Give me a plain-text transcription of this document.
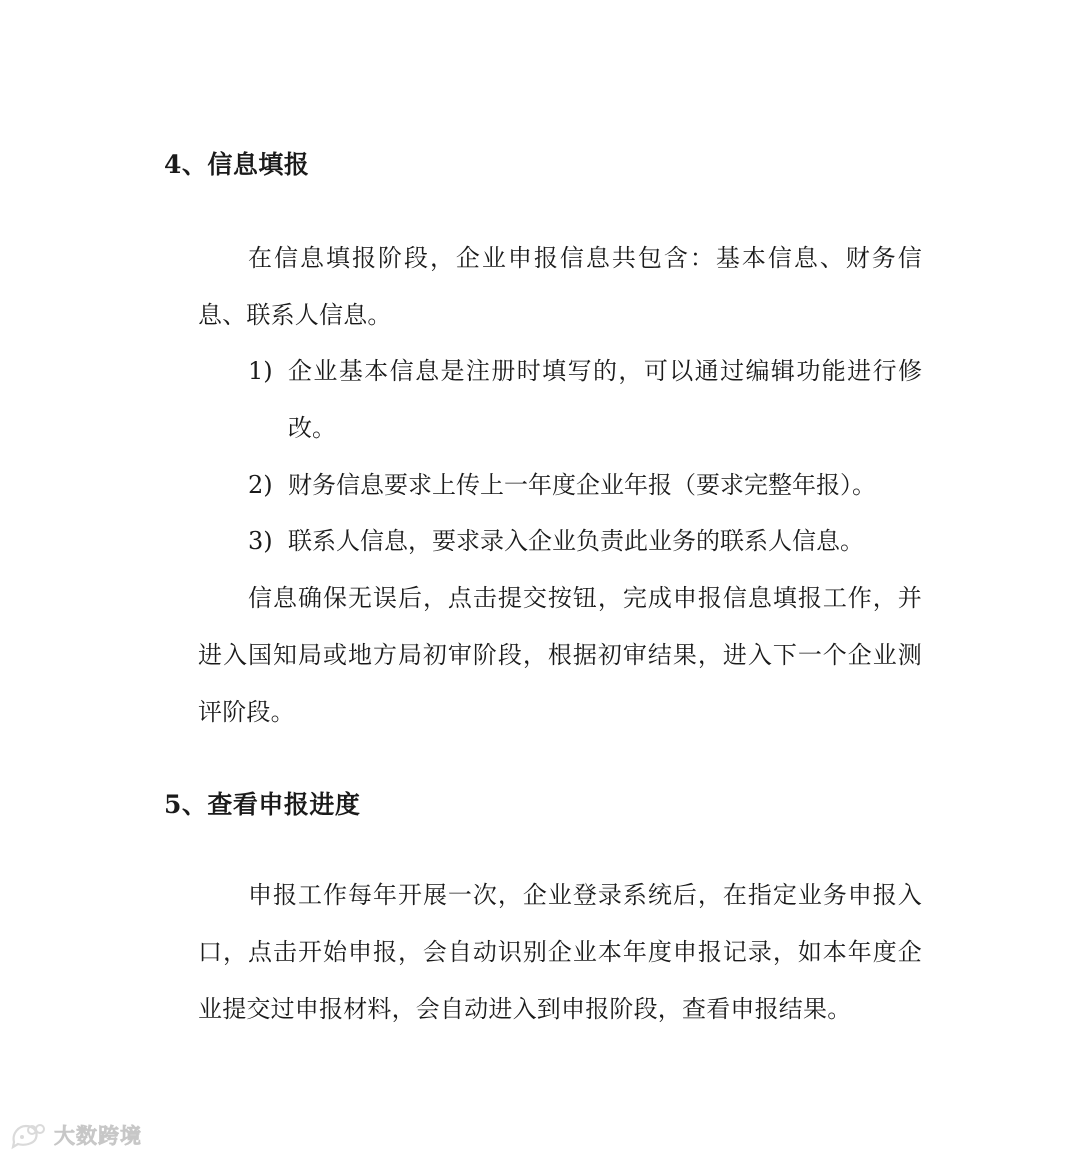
4、信息填报

在信息填报阶段，企业申报信息共包含：基本信息、财务信息、联系人信息。

1) 企业基本信息是注册时填写的，可以通过编辑功能进行修改。
2) 财务信息要求上传上一年度企业年报（要求完整年报）。
3) 联系人信息，要求录入企业负责此业务的联系人信息。

信息确保无误后，点击提交按钮，完成申报信息填报工作，并进入国知局或地方局初审阶段，根据初审结果，进入下一个企业测评阶段。

5、查看申报进度

申报工作每年开展一次，企业登录系统后，在指定业务申报入口，点击开始申报，会自动识别企业本年度申报记录，如本年度企业提交过申报材料，会自动进入到申报阶段，查看申报结果。

大数跨境
